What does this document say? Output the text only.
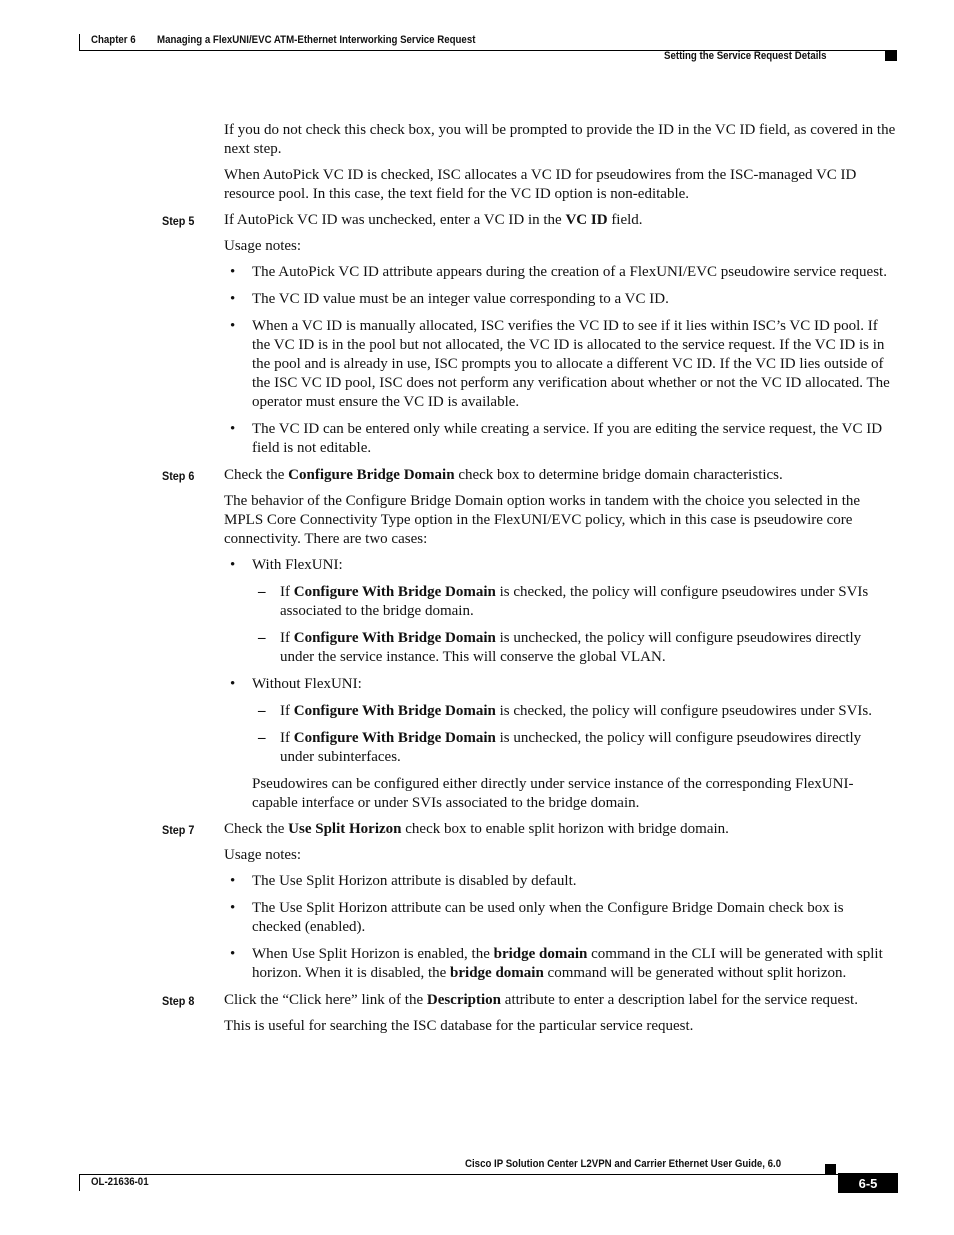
Chapter 6 Managing a FlexUNI/EVC ATM-Ethernet Interworking Service Request
Setting the Service Request Details

If you do not check this check box, you will be prompted to provide the ID in the VC ID field, as covered in the next step.

When AutoPick VC ID is checked, ISC allocates a VC ID for pseudowires from the ISC-managed VC ID resource pool. In this case, the text field for the VC ID option is non-editable.

Step 5 If AutoPick VC ID was unchecked, enter a VC ID in the VC ID field.

Usage notes:

• The AutoPick VC ID attribute appears during the creation of a FlexUNI/EVC pseudowire service request.
• The VC ID value must be an integer value corresponding to a VC ID.
• When a VC ID is manually allocated, ISC verifies the VC ID to see if it lies within ISC’s VC ID pool. If the VC ID is in the pool but not allocated, the VC ID is allocated to the service request. If the VC ID is in the pool and is already in use, ISC prompts you to allocate a different VC ID. If the VC ID lies outside of the ISC VC ID pool, ISC does not perform any verification about whether or not the VC ID allocated. The operator must ensure the VC ID is available.
• The VC ID can be entered only while creating a service. If you are editing the service request, the VC ID field is not editable.
Step 6 Check the Configure Bridge Domain check box to determine bridge domain characteristics.

The behavior of the Configure Bridge Domain option works in tandem with the choice you selected in the MPLS Core Connectivity Type option in the FlexUNI/EVC policy, which in this case is pseudowire core connectivity. There are two cases:

• With FlexUNI:
– If Configure With Bridge Domain is checked, the policy will configure pseudowires under SVIs associated to the bridge domain.
– If Configure With Bridge Domain is unchecked, the policy will configure pseudowires directly under the service instance. This will conserve the global VLAN.
• Without FlexUNI:
– If Configure With Bridge Domain is checked, the policy will configure pseudowires under SVIs.
– If Configure With Bridge Domain is unchecked, the policy will configure pseudowires directly under subinterfaces.

Pseudowires can be configured either directly under service instance of the corresponding FlexUNI-capable interface or under SVIs associated to the bridge domain.

Step 7 Check the Use Split Horizon check box to enable split horizon with bridge domain.

Usage notes:

• The Use Split Horizon attribute is disabled by default.
• The Use Split Horizon attribute can be used only when the Configure Bridge Domain check box is checked (enabled).
• When Use Split Horizon is enabled, the bridge domain command in the CLI will be generated with split horizon. When it is disabled, the bridge domain command will be generated without split horizon.
Step 8 Click the “Click here” link of the Description attribute to enter a description label for the service request.

This is useful for searching the ISC database for the particular service request.

Cisco IP Solution Center L2VPN and Carrier Ethernet User Guide, 6.0
OL-21636-01	6-5
